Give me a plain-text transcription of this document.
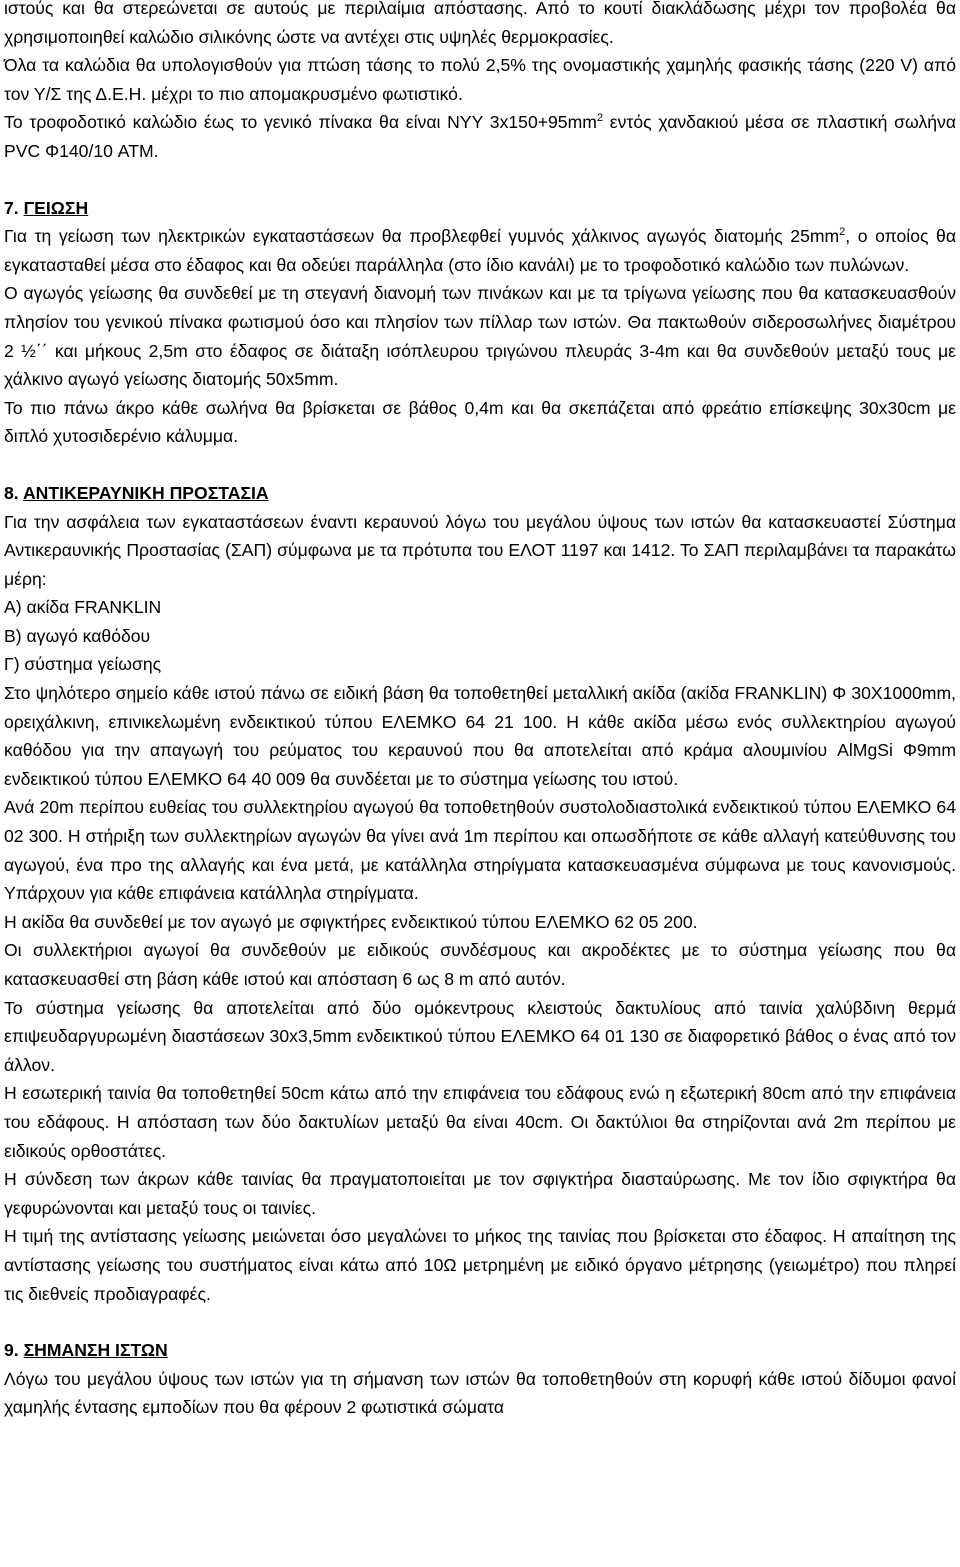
ιστούς και θα στερεώνεται σε αυτούς με περιλαίμια απόστασης. Από το κουτί διακλάδωσης μέχρι τον προβολέα θα χρησιμοποιηθεί καλώδιο σιλικόνης ώστε να αντέχει στις υψηλές θερμοκρασίες.

Όλα τα καλώδια θα υπολογισθούν για πτώση τάσης το πολύ 2,5% της ονομαστικής χαμηλής φασικής τάσης (220 V) από τον Υ/Σ της Δ.Ε.Η. μέχρι το πιο απομακρυσμένο φωτιστικό.

Το τροφοδοτικό καλώδιο έως το γενικό πίνακα θα είναι NYY $3x150+95mm^2$ εντός χανδακιού μέσα σε πλαστική σωλήνα PVC Φ140/10 ATM.

7. ΓΕΙΩΣΗ

Για τη γείωση των ηλεκτρικών εγκαταστάσεων θα προβλεφθεί γυμνός χάλκινος αγωγός διατομής $25mm^2$, ο οποίος θα εγκατασταθεί μέσα στο έδαφος και θα οδεύει παράλληλα (στο ίδιο κανάλι) με το τροφοδοτικό καλώδιο των πυλώνων.

Ο αγωγός γείωσης θα συνδεθεί με τη στεγανή διανομή των πινάκων και με τα τρίγωνα γείωσης που θα κατασκευασθούν πλησίον του γενικού πίνακα φωτισμού όσο και πλησίον των πίλλαρ των ιστών. Θα πακτωθούν σιδεροσωλήνες διαμέτρου 2 ½΄΄ και μήκους 2,5m στο έδαφος σε διάταξη ισόπλευρου τριγώνου πλευράς 3-4m και θα συνδεθούν μεταξύ τους με χάλκινο αγωγό γείωσης διατομής 50x5mm.

Το πιο πάνω άκρο κάθε σωλήνα θα βρίσκεται σε βάθος 0,4m και θα σκεπάζεται από φρεάτιο επίσκεψης 30x30cm με διπλό χυτοσιδερένιο κάλυμμα.

8. ΑΝΤΙΚΕΡΑΥΝΙΚΗ ΠΡΟΣΤΑΣΙΑ

Για την ασφάλεια των εγκαταστάσεων έναντι κεραυνού λόγω του μεγάλου ύψους των ιστών θα κατασκευαστεί Σύστημα Αντικεραυνικής Προστασίας (ΣΑΠ) σύμφωνα με τα πρότυπα του ΕΛΟΤ 1197 και 1412. Το ΣΑΠ περιλαμβάνει τα παρακάτω μέρη:

Α) ακίδα FRANKLIN

Β) αγωγό καθόδου

Γ) σύστημα γείωσης

Στο ψηλότερο σημείο κάθε ιστού πάνω σε ειδική βάση θα τοποθετηθεί μεταλλική ακίδα (ακίδα FRANKLIN) Φ 30Χ1000mm, ορειχάλκινη, επινικελωμένη ενδεικτικού τύπου ΕΛΕΜΚΟ 64 21 100. Η κάθε ακίδα μέσω ενός συλλεκτηρίου αγωγού καθόδου για την απαγωγή του ρεύματος του κεραυνού που θα αποτελείται από κράμα αλουμινίου AlMgSi Φ9mm ενδεικτικού τύπου ΕΛΕΜΚΟ 64 40 009 θα συνδέεται με το σύστημα γείωσης του ιστού.

Ανά 20m περίπου ευθείας του συλλεκτηρίου αγωγού θα τοποθετηθούν συστολοδιαστολικά ενδεικτικού τύπου ΕΛΕΜΚΟ 64 02 300. Η στήριξη των συλλεκτηρίων αγωγών θα γίνει ανά 1m περίπου και οπωσδήποτε σε κάθε αλλαγή κατεύθυνσης του αγωγού, ένα προ της αλλαγής και ένα μετά, με κατάλληλα στηρίγματα κατασκευασμένα σύμφωνα με τους κανονισμούς. Υπάρχουν για κάθε επιφάνεια κατάλληλα στηρίγματα.

Η ακίδα θα συνδεθεί με τον αγωγό με σφιγκτήρες ενδεικτικού τύπου ΕΛΕΜΚΟ 62 05 200.

Οι συλλεκτήριοι αγωγοί θα συνδεθούν με ειδικούς συνδέσμους και ακροδέκτες με το σύστημα γείωσης που θα κατασκευασθεί στη βάση κάθε ιστού και απόσταση 6 ως 8 m από αυτόν.

Το σύστημα γείωσης θα αποτελείται από δύο ομόκεντρους κλειστούς δακτυλίους από ταινία χαλύβδινη θερμά επιψευδαργυρωμένη διαστάσεων 30x3,5mm ενδεικτικού τύπου ΕΛΕΜΚΟ 64 01 130 σε διαφορετικό βάθος ο ένας από τον άλλον.

Η εσωτερική ταινία θα τοποθετηθεί 50cm κάτω από την επιφάνεια του εδάφους ενώ η εξωτερική 80cm από την επιφάνεια του εδάφους. Η απόσταση των δύο δακτυλίων μεταξύ θα είναι 40cm. Οι δακτύλιοι θα στηρίζονται ανά 2m περίπου με ειδικούς ορθοστάτες.

Η σύνδεση των άκρων κάθε ταινίας θα πραγματοποιείται με τον σφιγκτήρα διασταύρωσης. Με τον ίδιο σφιγκτήρα θα γεφυρώνονται και μεταξύ τους οι ταινίες.

Η τιμή της αντίστασης γείωσης μειώνεται όσο μεγαλώνει το μήκος της ταινίας που βρίσκεται στο έδαφος. Η απαίτηση της αντίστασης γείωσης του συστήματος είναι κάτω από 10Ω μετρημένη με ειδικό όργανο μέτρησης (γειωμέτρο) που πληρεί τις διεθνείς προδιαγραφές.

9. ΣΗΜΑΝΣΗ ΙΣΤΩΝ

Λόγω του μεγάλου ύψους των ιστών για τη σήμανση των ιστών θα τοποθετηθούν στη κορυφή κάθε ιστού δίδυμοι φανοί χαμηλής έντασης εμποδίων που θα φέρουν 2 φωτιστικά σώματα
